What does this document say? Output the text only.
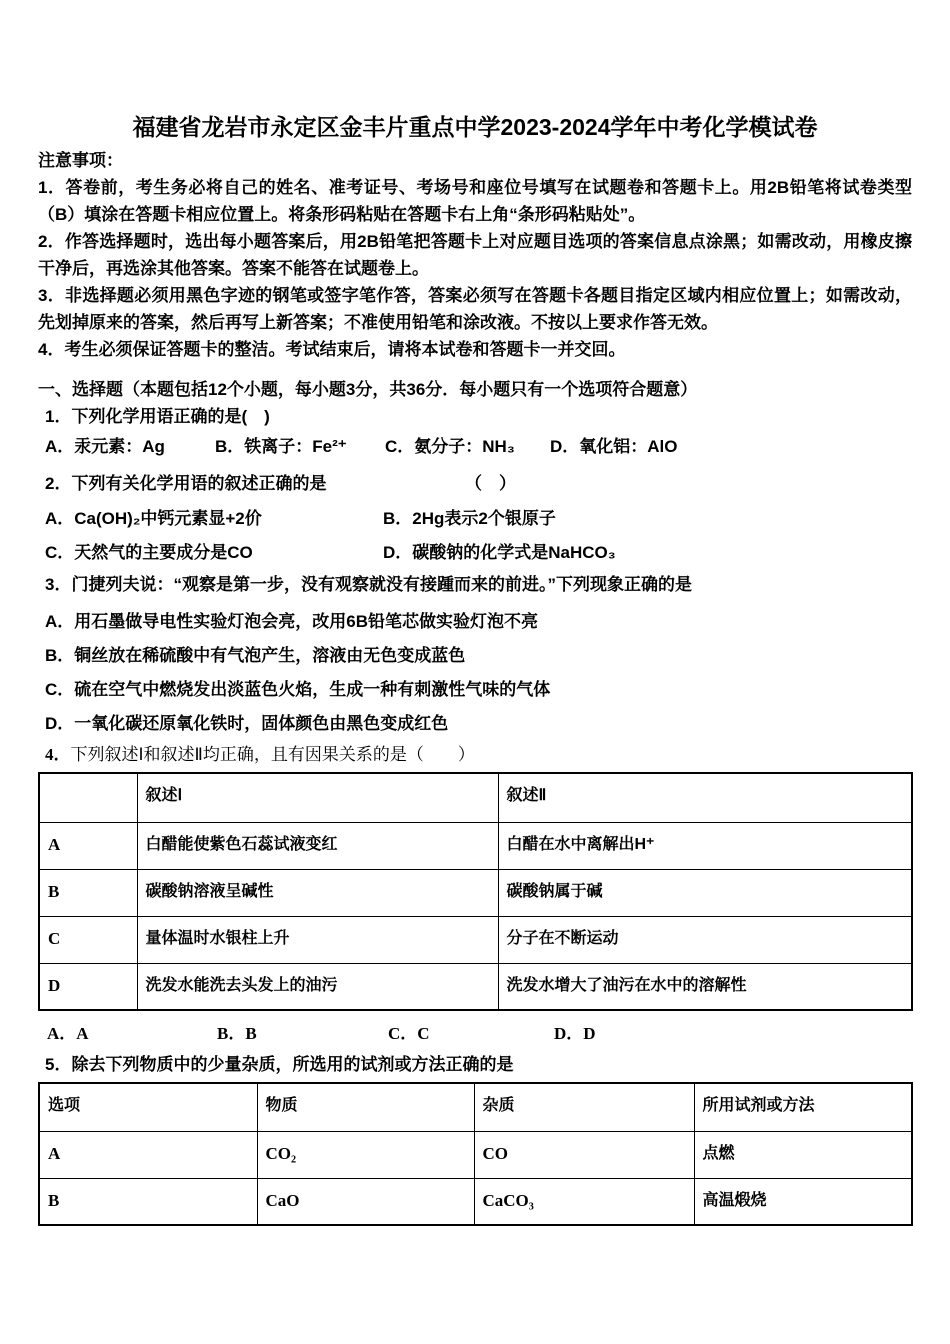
福建省龙岩市永定区金丰片重点中学2023-2024学年中考化学模试卷
注意事项：
1．答卷前，考生务必将自己的姓名、准考证号、考场号和座位号填写在试题卷和答题卡上。用2B铅笔将试卷类型（B）填涂在答题卡相应位置上。将条形码粘贴在答题卡右上角“条形码粘贴处”。
2．作答选择题时，选出每小题答案后，用2B铅笔把答题卡上对应题目选项的答案信息点涂黑；如需改动，用橡皮擦干净后，再选涂其他答案。答案不能答在试题卷上。
3．非选择题必须用黑色字迹的钢笔或签字笔作答，答案必须写在答题卡各题目指定区域内相应位置上；如需改动，先划掉原来的答案，然后再写上新答案；不准使用铅笔和涂改液。不按以上要求作答无效。
4．考生必须保证答题卡的整洁。考试结束后，请将本试卷和答题卡一并交回。
一、选择题（本题包括12个小题，每小题3分，共36分．每小题只有一个选项符合题意）
1．下列化学用语正确的是(　)
A．汞元素：Ag	B．铁离子：Fe²⁺	C．氨分子：NH₃	D．氧化铝：AlO
2．下列有关化学用语的叙述正确的是	（　）
A．Ca(OH)₂中钙元素显+2价	B．2Hg表示2个银原子
C．天然气的主要成分是CO	D．碳酸钠的化学式是NaHCO₃
3．门捷列夫说：“观察是第一步，没有观察就没有接踵而来的前进。”下列现象正确的是
A．用石墨做导电性实验灯泡会亮，改用6B铅笔芯做实验灯泡不亮
B．铜丝放在稀硫酸中有气泡产生，溶液由无色变成蓝色
C．硫在空气中燃烧发出淡蓝色火焰，生成一种有刺激性气味的气体
D．一氧化碳还原氧化铁时，固体颜色由黑色变成红色
4．下列叙述Ⅰ和叙述Ⅱ均正确，且有因果关系的是（　　）
	叙述Ⅰ	叙述Ⅱ
A	白醋能使紫色石蕊试液变红	白醋在水中离解出H⁺
B	碳酸钠溶液呈碱性	碳酸钠属于碱
C	量体温时水银柱上升	分子在不断运动
D	洗发水能洗去头发上的油污	洗发水增大了油污在水中的溶解性
A．A	B．B	C．C	D．D
5．除去下列物质中的少量杂质，所选用的试剂或方法正确的是
选项	物质	杂质	所用试剂或方法
A	CO₂	CO	点燃
B	CaO	CaCO₃	高温煅烧
